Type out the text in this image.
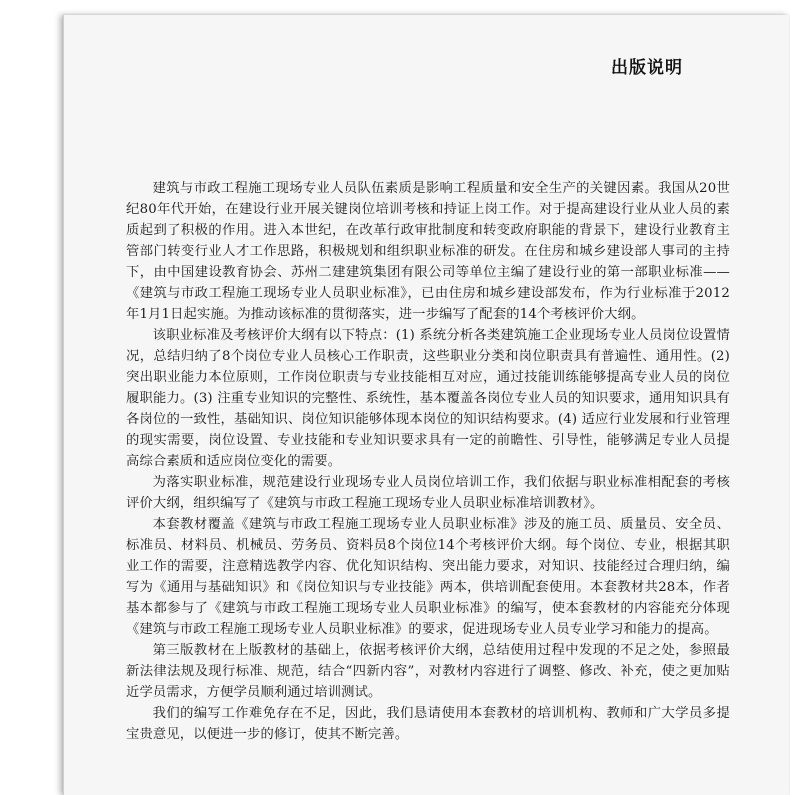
出版说明

建筑与市政工程施工现场专业人员队伍素质是影响工程质量和安全生产的关键因素。我国从20世纪80年代开始，在建设行业开展关键岗位培训考核和持证上岗工作。对于提高建设行业从业人员的素质起到了积极的作用。进入本世纪，在改革行政审批制度和转变政府职能的背景下，建设行业教育主管部门转变行业人才工作思路，积极规划和组织职业标准的研发。在住房和城乡建设部人事司的主持下，由中国建设教育协会、苏州二建建筑集团有限公司等单位主编了建设行业的第一部职业标准——《建筑与市政工程施工现场专业人员职业标准》，已由住房和城乡建设部发布，作为行业标准于2012年1月1日起实施。为推动该标准的贯彻落实，进一步编写了配套的14个考核评价大纲。

该职业标准及考核评价大纲有以下特点：(1) 系统分析各类建筑施工企业现场专业人员岗位设置情况，总结归纳了8个岗位专业人员核心工作职责，这些职业分类和岗位职责具有普遍性、通用性。(2) 突出职业能力本位原则，工作岗位职责与专业技能相互对应，通过技能训练能够提高专业人员的岗位履职能力。(3) 注重专业知识的完整性、系统性，基本覆盖各岗位专业人员的知识要求，通用知识具有各岗位的一致性，基础知识、岗位知识能够体现本岗位的知识结构要求。(4) 适应行业发展和行业管理的现实需要，岗位设置、专业技能和专业知识要求具有一定的前瞻性、引导性，能够满足专业人员提高综合素质和适应岗位变化的需要。

为落实职业标准，规范建设行业现场专业人员岗位培训工作，我们依据与职业标准相配套的考核评价大纲，组织编写了《建筑与市政工程施工现场专业人员职业标准培训教材》。

本套教材覆盖《建筑与市政工程施工现场专业人员职业标准》涉及的施工员、质量员、安全员、标准员、材料员、机械员、劳务员、资料员8个岗位14个考核评价大纲。每个岗位、专业，根据其职业工作的需要，注意精选教学内容、优化知识结构、突出能力要求，对知识、技能经过合理归纳，编写为《通用与基础知识》和《岗位知识与专业技能》两本，供培训配套使用。本套教材共28本，作者基本都参与了《建筑与市政工程施工现场专业人员职业标准》的编写，使本套教材的内容能充分体现《建筑与市政工程施工现场专业人员职业标准》的要求，促进现场专业人员专业学习和能力的提高。

第三版教材在上版教材的基础上，依据考核评价大纲，总结使用过程中发现的不足之处，参照最新法律法规及现行标准、规范，结合“四新内容”，对教材内容进行了调整、修改、补充，使之更加贴近学员需求，方便学员顺利通过培训测试。

我们的编写工作难免存在不足，因此，我们恳请使用本套教材的培训机构、教师和广大学员多提宝贵意见，以便进一步的修订，使其不断完善。
